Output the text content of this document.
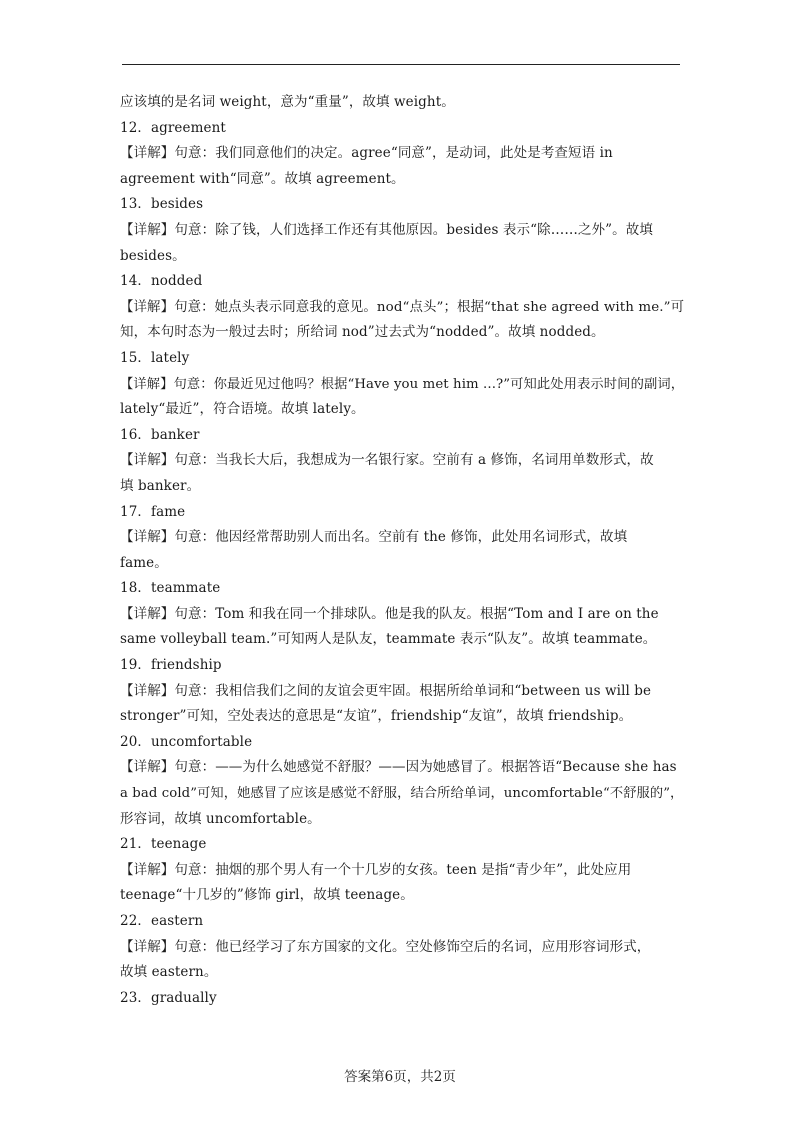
应该填的是名词 weight，意为“重量”，故填 weight。
12．agreement
【详解】句意：我们同意他们的决定。agree“同意”，是动词，此处是考查短语 in
agreement with“同意”。故填 agreement。
13．besides
【详解】句意：除了钱，人们选择工作还有其他原因。besides 表示“除……之外”。故填
besides。
14．nodded
【详解】句意：她点头表示同意我的意见。nod“点头”；根据“that she agreed with me.”可
知，本句时态为一般过去时；所给词 nod”过去式为“nodded”。故填 nodded。
15．lately
【详解】句意：你最近见过他吗？根据“Have you met him ...?”可知此处用表示时间的副词，
lately“最近”，符合语境。故填 lately。
16．banker
【详解】句意：当我长大后，我想成为一名银行家。空前有 a 修饰，名词用单数形式，故
填 banker。
17．fame
【详解】句意：他因经常帮助别人而出名。空前有 the 修饰，此处用名词形式，故填
fame。
18．teammate
【详解】句意：Tom 和我在同一个排球队。他是我的队友。根据“Tom and I are on the
same volleyball team.”可知两人是队友，teammate 表示“队友”。故填 teammate。
19．friendship
【详解】句意：我相信我们之间的友谊会更牢固。根据所给单词和“between us will be
stronger”可知，空处表达的意思是“友谊”，friendship“友谊”，故填 friendship。
20．uncomfortable
【详解】句意：——为什么她感觉不舒服？——因为她感冒了。根据答语“Because she has
a bad cold”可知，她感冒了应该是感觉不舒服，结合所给单词，uncomfortable“不舒服的”，
形容词，故填 uncomfortable。
21．teenage
【详解】句意：抽烟的那个男人有一个十几岁的女孩。teen 是指“青少年”，此处应用
teenage“十几岁的”修饰 girl，故填 teenage。
22．eastern
【详解】句意：他已经学习了东方国家的文化。空处修饰空后的名词，应用形容词形式，
故填 eastern。
23．gradually
答案第6页，共2页
